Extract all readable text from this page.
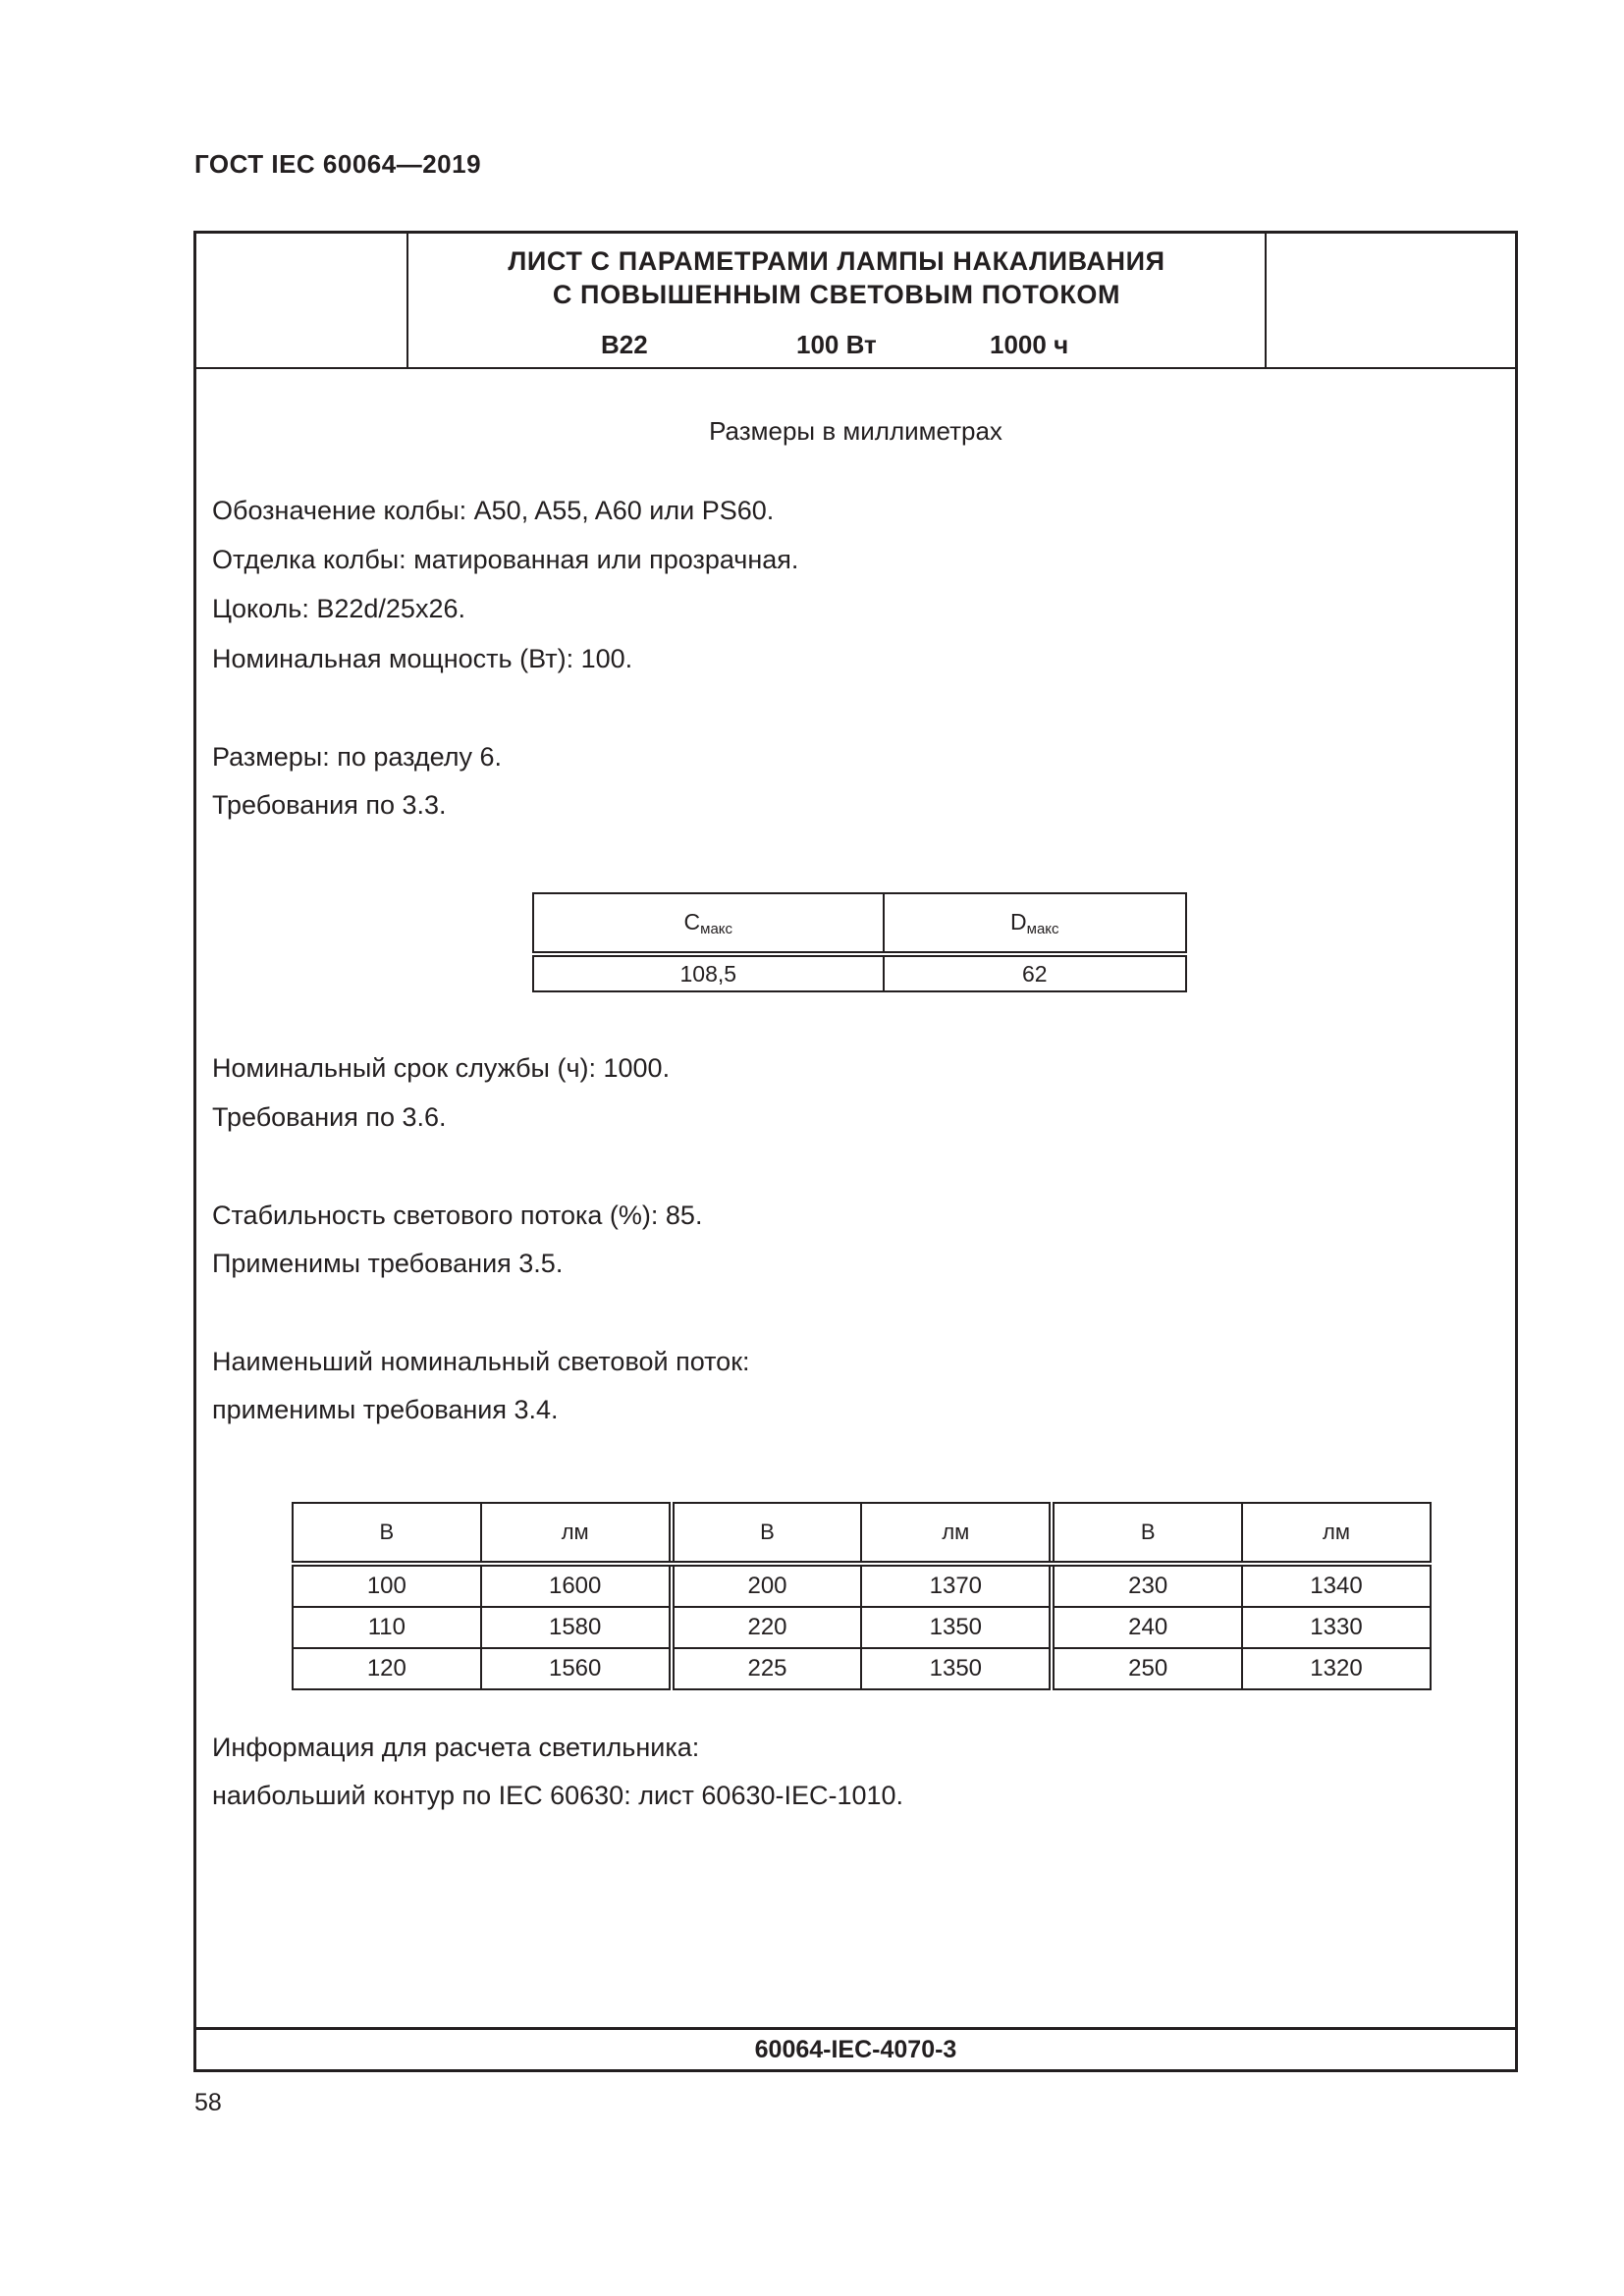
ГОСТ IEC 60064—2019
ЛИСТ С ПАРАМЕТРАМИ ЛАМПЫ НАКАЛИВАНИЯ
С ПОВЫШЕННЫМ СВЕТОВЫМ ПОТОКОМ
B22	100 Вт	1000 ч
Размеры в миллиметрах
Обозначение колбы: A50, A55, A60 или PS60.
Отделка колбы: матированная или прозрачная.
Цоколь: B22d/25x26.
Номинальная мощность (Вт): 100.
Размеры: по разделу 6.
Требования по 3.3.
$C_{макс}$	$D_{макс}$
108,5	62
Номинальный срок службы (ч): 1000.
Требования по 3.6.
Стабильность светового потока (%): 85.
Применимы требования 3.5.
Наименьший номинальный световой поток:
применимы требования 3.4.
В	лм	В	лм	В	лм
100	1600	200	1370	230	1340
110	1580	220	1350	240	1330
120	1560	225	1350	250	1320
Информация для расчета светильника:
наибольший контур по IEC 60630: лист 60630-IEC-1010.
60064-IEC-4070-3
58
